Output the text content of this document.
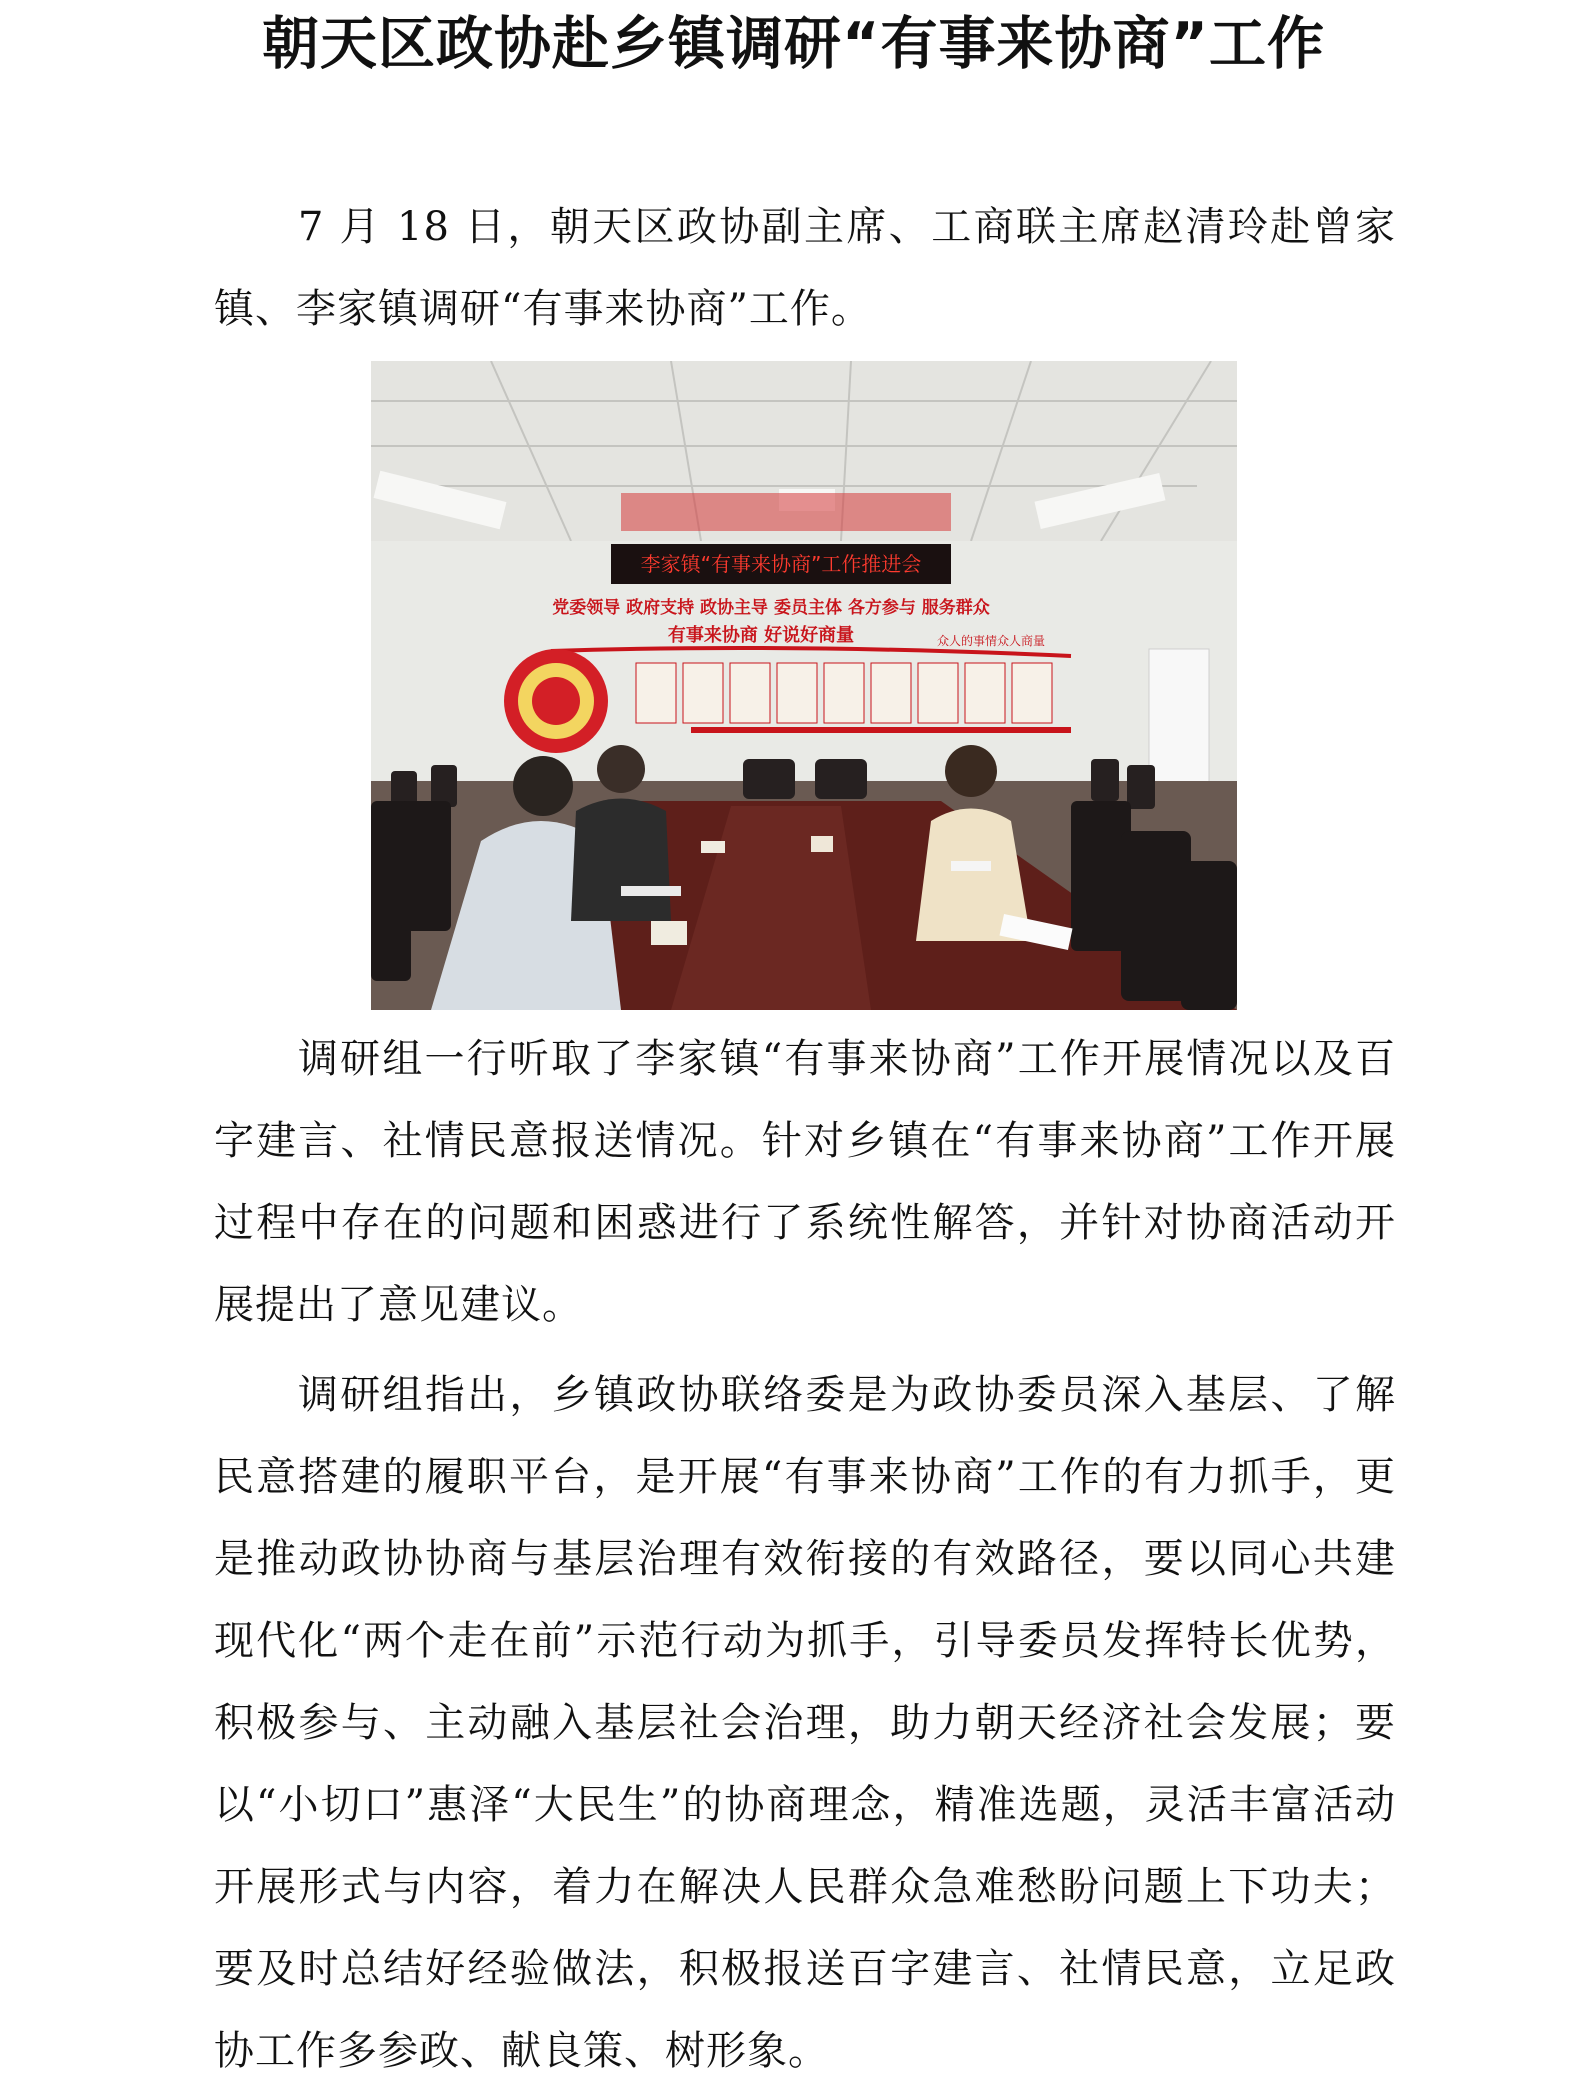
朝天区政协赴乡镇调研“有事来协商”工作

7 月 18 日，朝天区政协副主席、工商联主席赵清玲赴曾家镇、李家镇调研“有事来协商”工作。

李家镇“有事来协商”工作推进会
党委领导 政府支持 政协主导 委员主体 各方参与 服务群众
有事来协商 好说好商量	众人的事情众人商量

调研组一行听取了李家镇“有事来协商”工作开展情况以及百字建言、社情民意报送情况。针对乡镇在“有事来协商”工作开展过程中存在的问题和困惑进行了系统性解答，并针对协商活动开展提出了意见建议。

调研组指出，乡镇政协联络委是为政协委员深入基层、了解民意搭建的履职平台，是开展“有事来协商”工作的有力抓手，更是推动政协协商与基层治理有效衔接的有效路径，要以同心共建现代化“两个走在前”示范行动为抓手，引导委员发挥特长优势，积极参与、主动融入基层社会治理，助力朝天经济社会发展；要以“小切口”惠泽“大民生”的协商理念，精准选题，灵活丰富活动开展形式与内容，着力在解决人民群众急难愁盼问题上下功夫；要及时总结好经验做法，积极报送百字建言、社情民意，立足政协工作多参政、献良策、树形象。
